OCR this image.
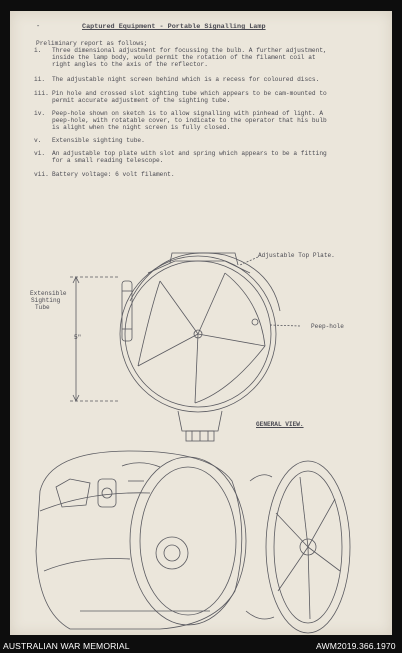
-	Captured Equipment - Portable Signalling Lamp
Preliminary report as follows;
i. Three dimensional adjustment for focussing the bulb. A further adjustment,
inside the lamp body, would permit the rotation of the filament coil at
right angles to the axis of the reflector.
ii. The adjustable night screen behind which is a recess for coloured discs.
iii. Pin hole and crossed slot sighting tube which appears to be cam-mounted to
permit accurate adjustment of the sighting tube.
iv. Peep-hole shown on sketch is to allow signalling with pinhead of light. A
peep-hole, with rotatable cover, to indicate to the operator that his bulb
is alight when the night screen is fully closed.
v. Extensible sighting tube.
vi. An adjustable top plate with slot and spring which appears to be a fitting
for a small reading telescope.
vii. Battery voltage: 6 volt filament.
Adjustable Top Plate.
Extensible
Sighting
Tube
5"
Peep-hole
GENERAL VIEW.
AUSTRALIAN WAR MEMORIAL	AWM2019.366.1970
